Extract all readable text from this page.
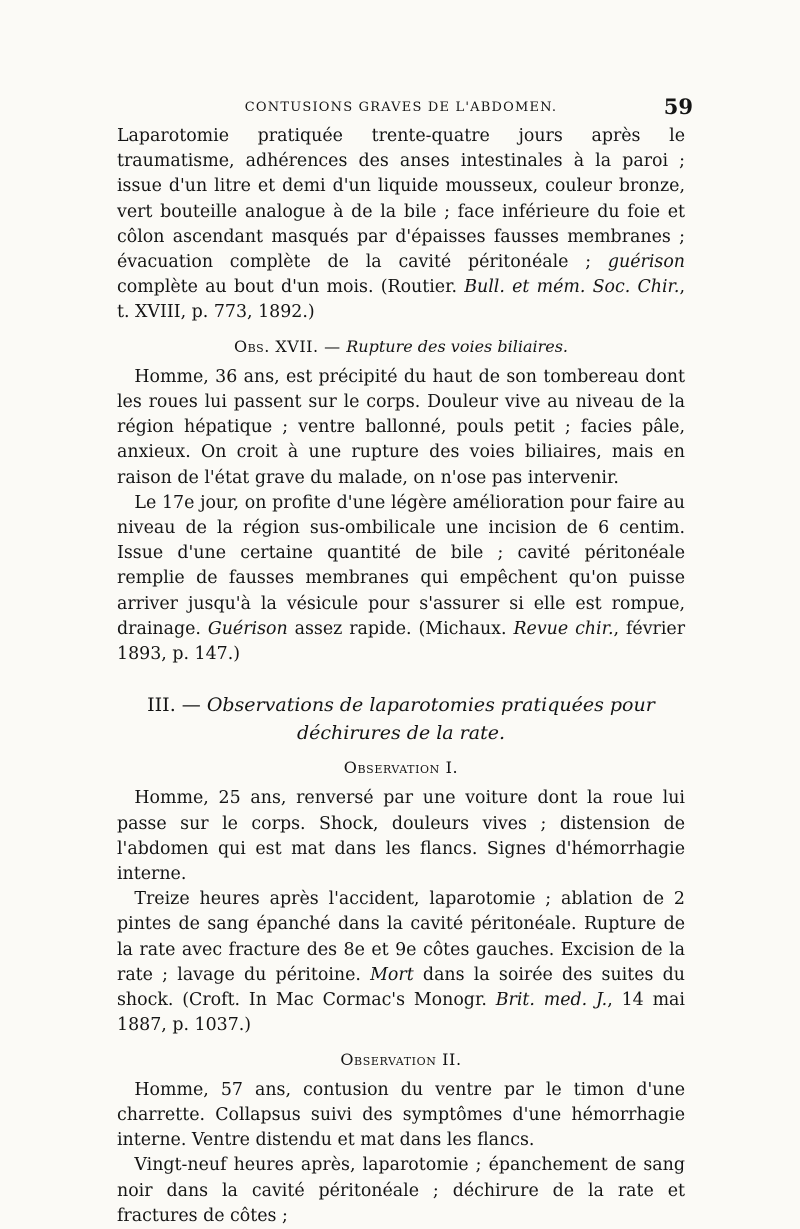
CONTUSIONS GRAVES DE L'ABDOMEN.	59

Laparotomie pratiquée trente-quatre jours après le traumatisme, adhérences des anses intestinales à la paroi ; issue d'un litre et demi d'un liquide mousseux, couleur bronze, vert bouteille analogue à de la bile ; face inférieure du foie et côlon ascendant masqués par d'épaisses fausses membranes ; évacuation complète de la cavité péritonéale ; guérison complète au bout d'un mois. (Routier. Bull. et mém. Soc. Chir., t. XVIII, p. 773, 1892.)

Obs. XVII. — Rupture des voies biliaires.

Homme, 36 ans, est précipité du haut de son tombereau dont les roues lui passent sur le corps. Douleur vive au niveau de la région hépatique ; ventre ballonné, pouls petit ; facies pâle, anxieux. On croit à une rupture des voies biliaires, mais en raison de l'état grave du malade, on n'ose pas intervenir.

Le 17e jour, on profite d'une légère amélioration pour faire au niveau de la région sus-ombilicale une incision de 6 centim. Issue d'une certaine quantité de bile ; cavité péritonéale remplie de fausses membranes qui empêchent qu'on puisse arriver jusqu'à la vésicule pour s'assurer si elle est rompue, drainage. Guérison assez rapide. (Michaux. Revue chir., février 1893, p. 147.)

III. — Observations de laparotomies pratiquées pour déchirures de la rate.
Observation I.

Homme, 25 ans, renversé par une voiture dont la roue lui passe sur le corps. Shock, douleurs vives ; distension de l'abdomen qui est mat dans les flancs. Signes d'hémorrhagie interne.

Treize heures après l'accident, laparotomie ; ablation de 2 pintes de sang épanché dans la cavité péritonéale. Rupture de la rate avec fracture des 8e et 9e côtes gauches. Excision de la rate ; lavage du péritoine. Mort dans la soirée des suites du shock. (Croft. In Mac Cormac's Monogr. Brit. med. J., 14 mai 1887, p. 1037.)

Observation II.

Homme, 57 ans, contusion du ventre par le timon d'une charrette. Collapsus suivi des symptômes d'une hémorrhagie interne. Ventre distendu et mat dans les flancs.

Vingt-neuf heures après, laparotomie ; épanchement de sang noir dans la cavité péritonéale ; déchirure de la rate et fractures de côtes ;
